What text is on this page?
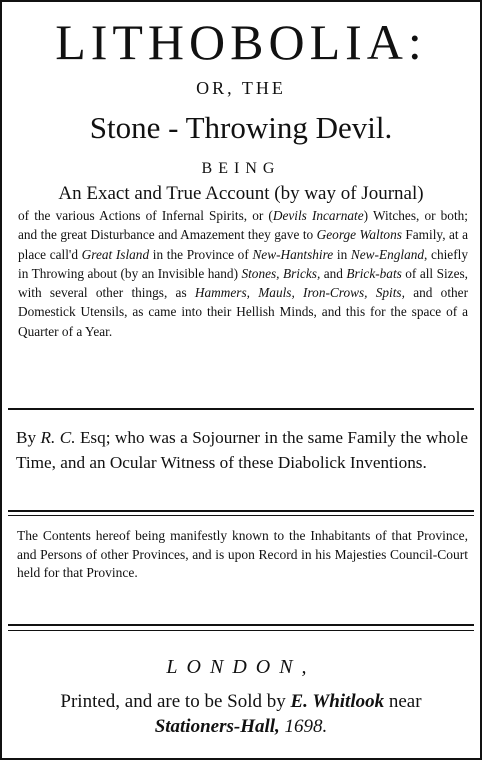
LITHOBOLIA:
OR, THE
Stone - Throwing Devil.
BEING
An Exact and True Account (by way of Journal)
of the various Actions of Infernal Spirits, or (Devils Incarnate) Witches, or both; and the great Disturbance and Amazement they gave to George Waltons Family, at a place call'd Great Island in the Province of New-Hantshire in New-England, chiefly in Throwing about (by an Invisible hand) Stones, Bricks, and Brick-bats of all Sizes, with several other things, as Hammers, Mauls, Iron-Crows, Spits, and other Domestick Utensils, as came into their Hellish Minds, and this for the space of a Quarter of a Year.
By R. C. Esq; who was a Sojourner in the same Family the whole Time, and an Ocular Witness of these Diabolick Inventions.
The Contents hereof being manifestly known to the Inhabitants of that Province, and Persons of other Provinces, and is upon Record in his Majesties Council-Court held for that Province.
LONDON,
Printed, and are to be Sold by E. Whitlook near
Stationers-Hall, 1698.
